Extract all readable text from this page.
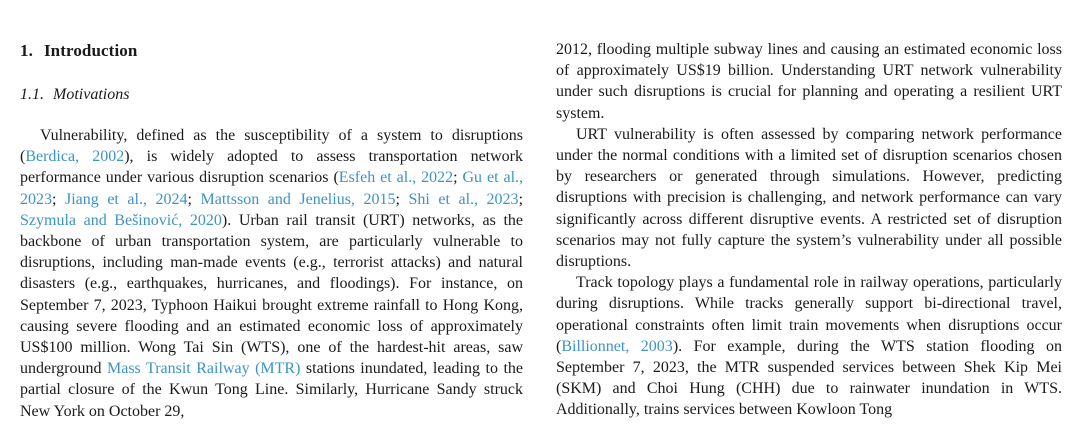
1. Introduction
1.1. Motivations

Vulnerability, defined as the susceptibility of a system to disruptions (Berdica, 2002), is widely adopted to assess transportation network performance under various disruption scenarios (Esfeh et al., 2022; Gu et al., 2023; Jiang et al., 2024; Mattsson and Jenelius, 2015; Shi et al., 2023; Szymula and Bešinović, 2020). Urban rail transit (URT) networks, as the backbone of urban transportation system, are particularly vulnerable to disruptions, including man-made events (e.g., terrorist attacks) and natural disasters (e.g., earthquakes, hurricanes, and floodings). For instance, on September 7, 2023, Typhoon Haikui brought extreme rainfall to Hong Kong, causing severe flooding and an estimated economic loss of approximately US$100 million. Wong Tai Sin (WTS), one of the hardest-hit areas, saw underground Mass Transit Railway (MTR) stations inundated, leading to the partial closure of the Kwun Tong Line. Similarly, Hurricane Sandy struck New York on October 29,

2012, flooding multiple subway lines and causing an estimated economic loss of approximately US$19 billion. Understanding URT network vulnerability under such disruptions is crucial for planning and operating a resilient URT system.

URT vulnerability is often assessed by comparing network performance under the normal conditions with a limited set of disruption scenarios chosen by researchers or generated through simulations. However, predicting disruptions with precision is challenging, and network performance can vary significantly across different disruptive events. A restricted set of disruption scenarios may not fully capture the system’s vulnerability under all possible disruptions.

Track topology plays a fundamental role in railway operations, particularly during disruptions. While tracks generally support bi-directional travel, operational constraints often limit train movements when disruptions occur (Billionnet, 2003). For example, during the WTS station flooding on September 7, 2023, the MTR suspended services between Shek Kip Mei (SKM) and Choi Hung (CHH) due to rainwater inundation in WTS. Additionally, trains services between Kowloon Tong
